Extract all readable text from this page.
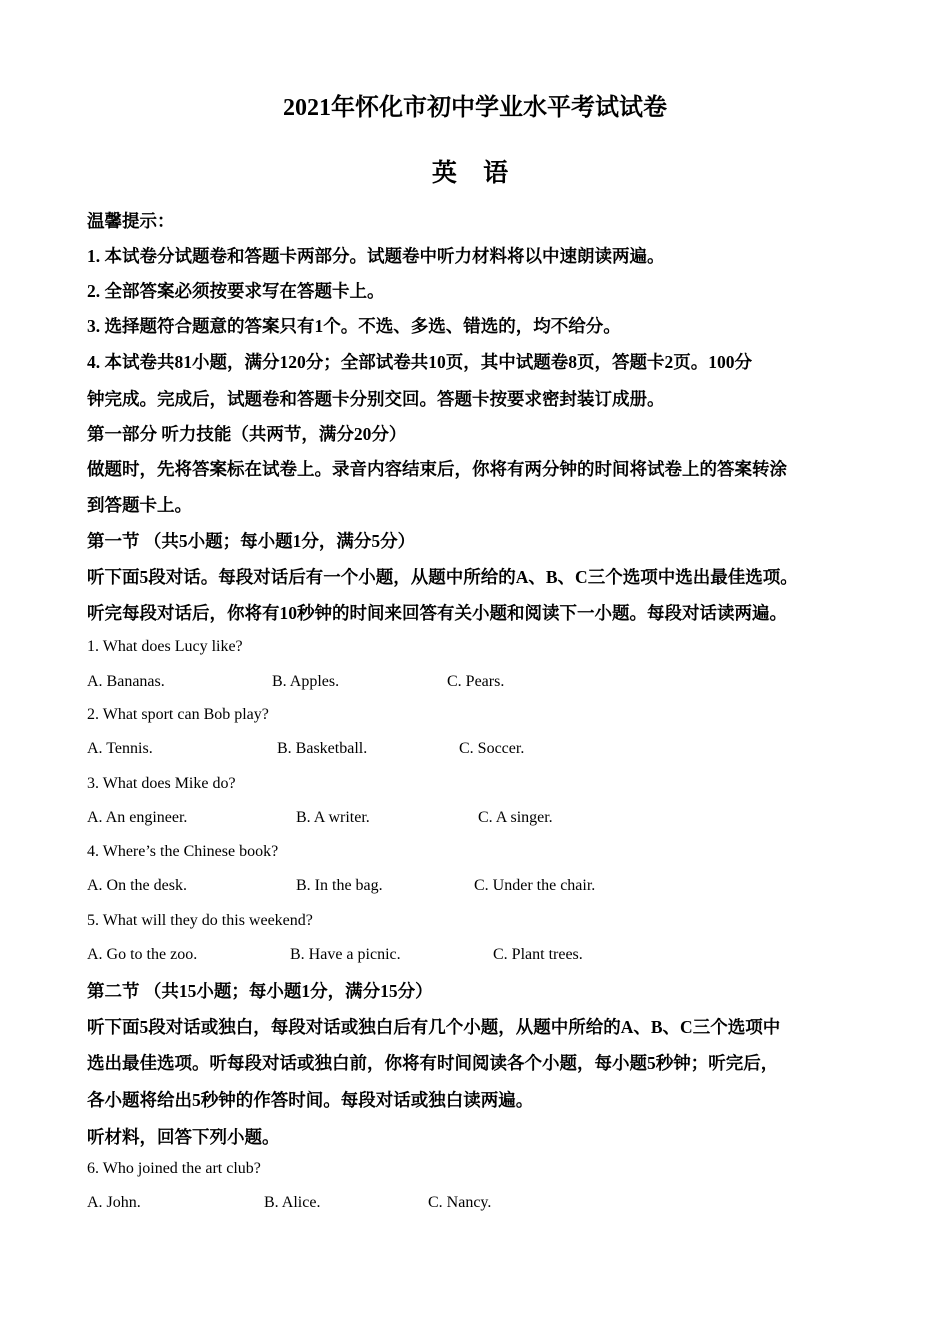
2021年怀化市初中学业水平考试试卷
英 语
温馨提示：
1. 本试卷分试题卷和答题卡两部分。试题卷中听力材料将以中速朗读两遍。
2. 全部答案必须按要求写在答题卡上。
3. 选择题符合题意的答案只有1个。不选、多选、错选的，均不给分。
4. 本试卷共81小题，满分120分；全部试卷共10页，其中试题卷8页，答题卡2页。100分
钟完成。完成后，试题卷和答题卡分别交回。答题卡按要求密封装订成册。
第一部分 听力技能（共两节，满分20分）
做题时，先将答案标在试卷上。录音内容结束后，你将有两分钟的时间将试卷上的答案转涂
到答题卡上。
第一节 （共5小题；每小题1分，满分5分）
听下面5段对话。每段对话后有一个小题，从题中所给的A、B、C三个选项中选出最佳选项。
听完每段对话后，你将有10秒钟的时间来回答有关小题和阅读下一小题。每段对话读两遍。
1. What does Lucy like?
A. Bananas.	B. Apples.	C. Pears.
2. What sport can Bob play?
A. Tennis.	B. Basketball.	C. Soccer.
3. What does Mike do?
A. An engineer.	B. A writer.	C. A singer.
4. Where’s the Chinese book?
A. On the desk.	B. In the bag.	C. Under the chair.
5. What will they do this weekend?
A. Go to the zoo.	B. Have a picnic.	C. Plant trees.
第二节 （共15小题；每小题1分，满分15分）
听下面5段对话或独白，每段对话或独白后有几个小题，从题中所给的A、B、C三个选项中
选出最佳选项。听每段对话或独白前，你将有时间阅读各个小题，每小题5秒钟；听完后，
各小题将给出5秒钟的作答时间。每段对话或独白读两遍。
听材料，回答下列小题。
6. Who joined the art club?
A. John.	B. Alice.	C. Nancy.
